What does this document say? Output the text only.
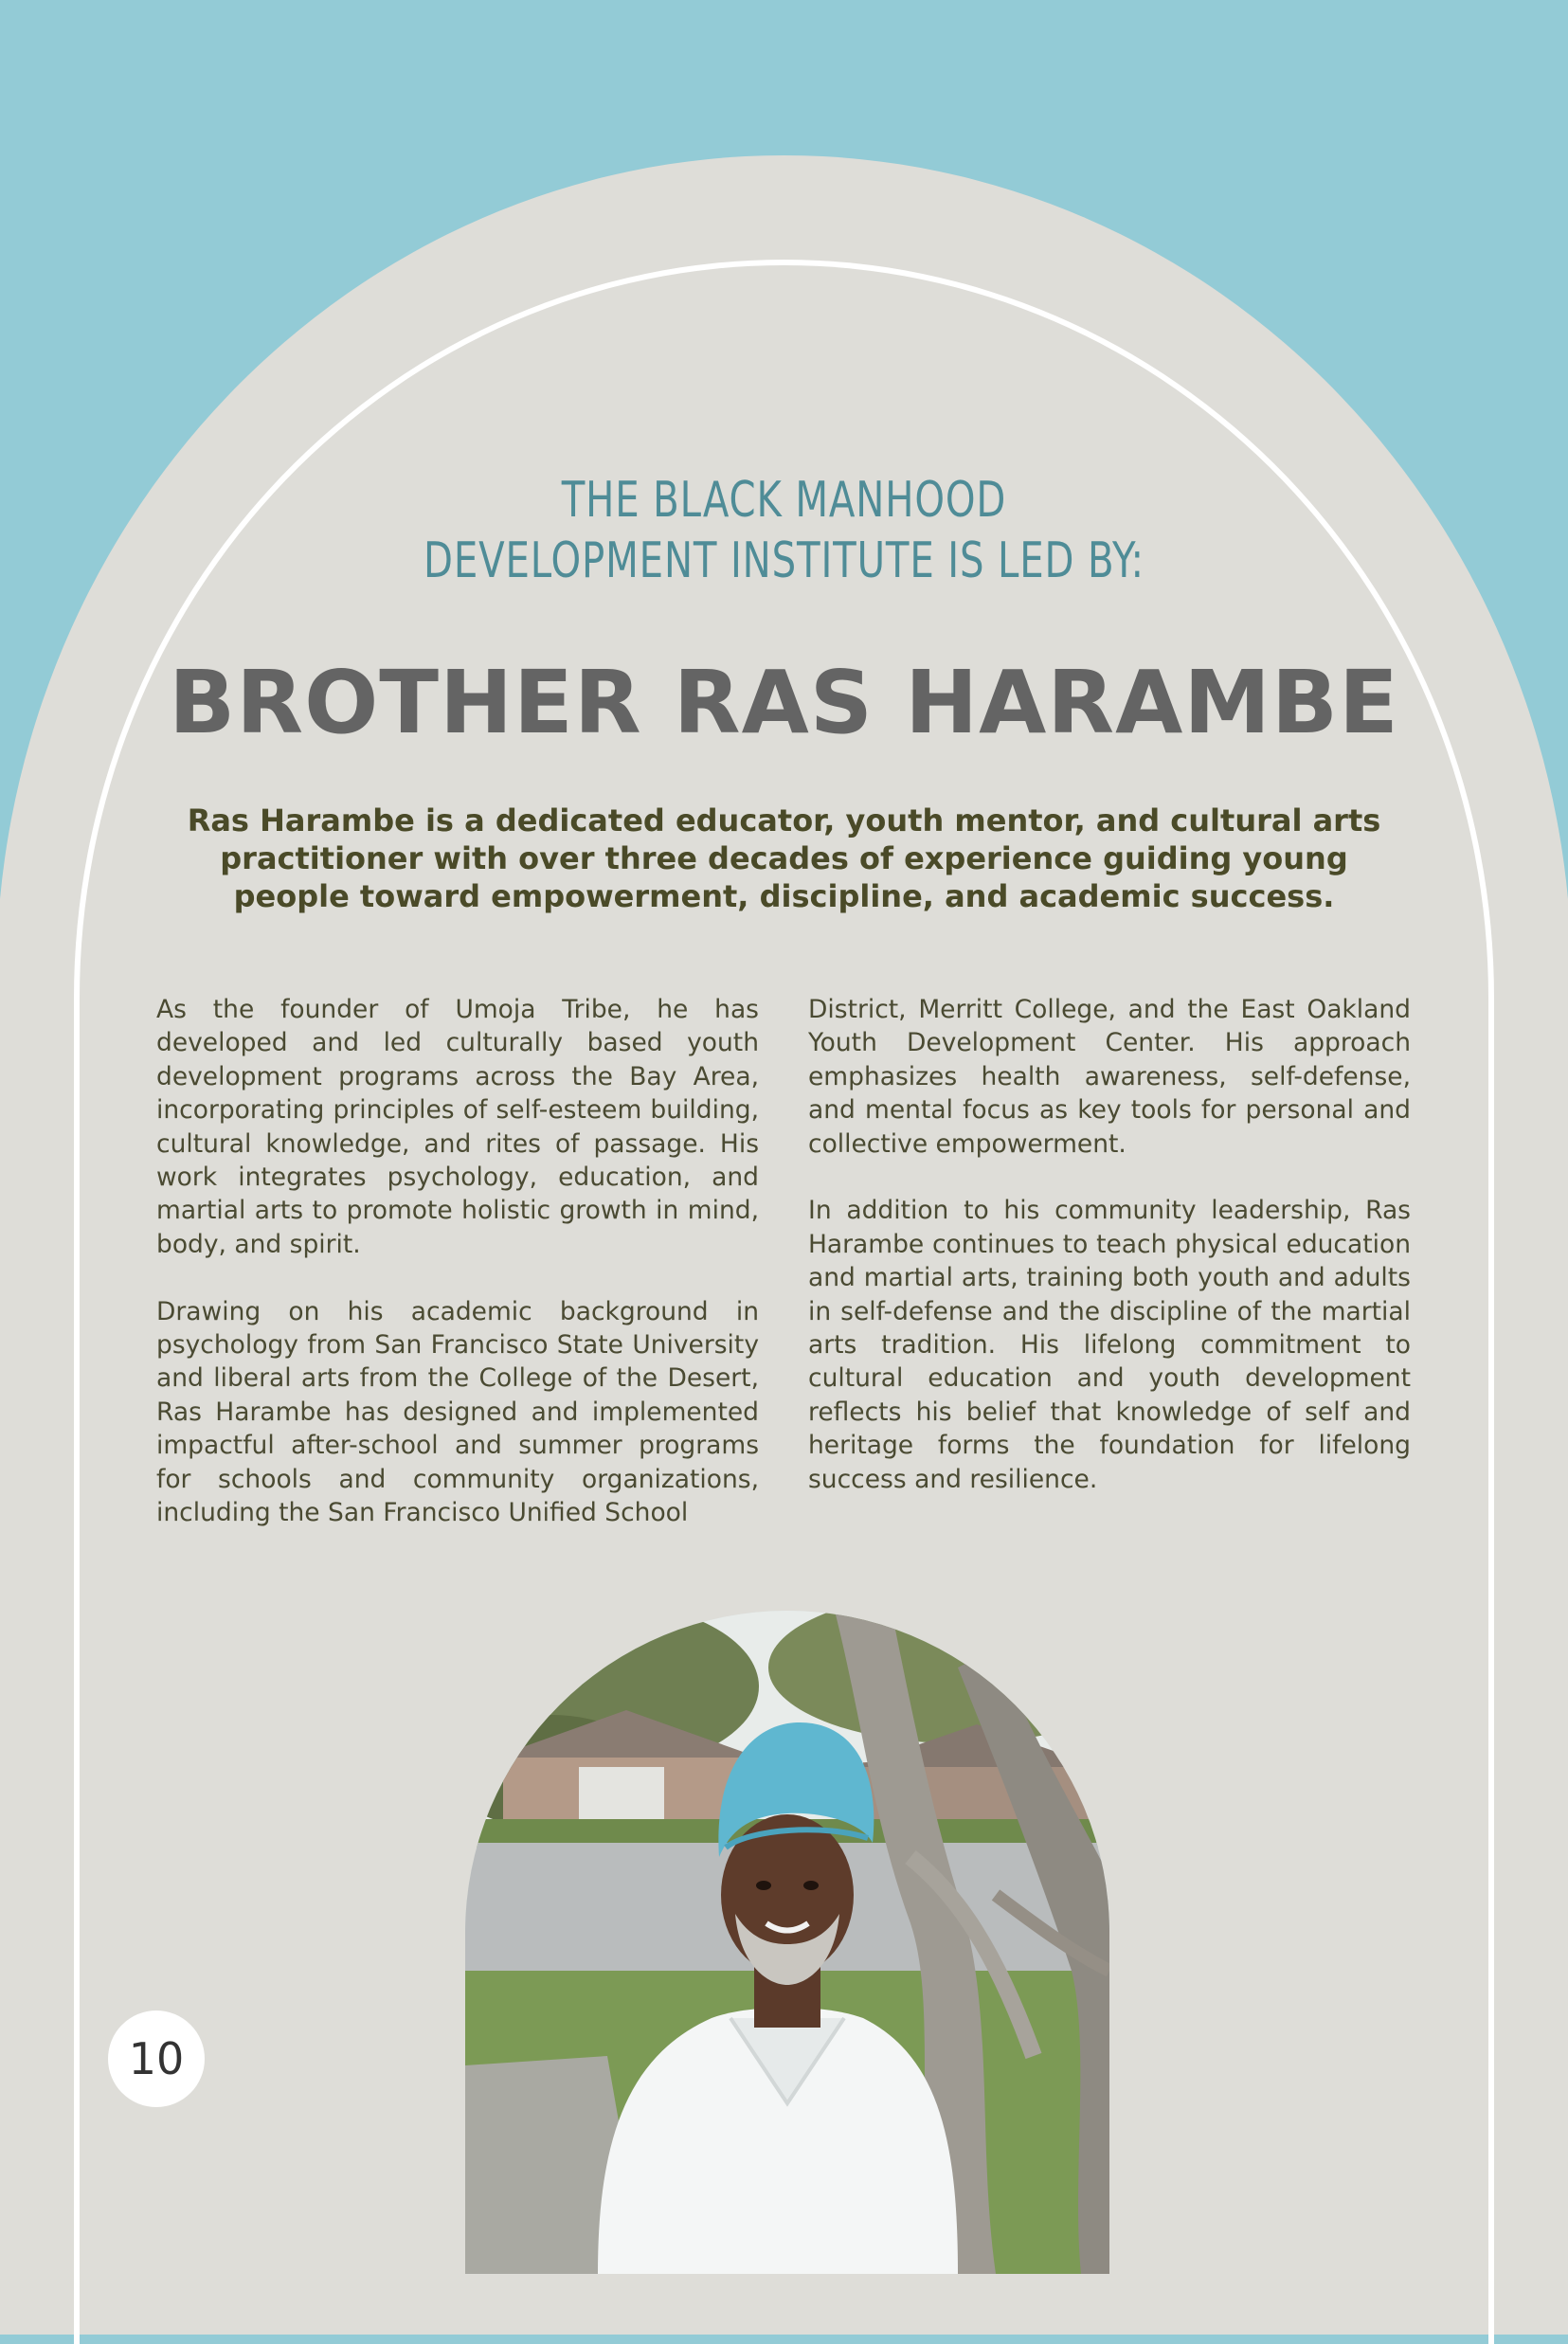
THE BLACK MANHOOD
DEVELOPMENT INSTITUTE IS LED BY:
BROTHER RAS HARAMBE

Ras Harambe is a dedicated educator, youth mentor, and cultural arts practitioner with over three decades of experience guiding young people toward empowerment, discipline, and academic success.

As the founder of Umoja Tribe, he has developed and led culturally based youth development programs across the Bay Area, incorporating principles of self-esteem building, cultural knowledge, and rites of passage. His work integrates psychology, education, and martial arts to promote holistic growth in mind, body, and spirit.

Drawing on his academic background in psychology from San Francisco State University and liberal arts from the College of the Desert, Ras Harambe has designed and implemented impactful after-school and summer programs for schools and community organizations, including the San Francisco Unified School

District, Merritt College, and the East Oakland Youth Development Center. His approach emphasizes health awareness, self-defense, and mental focus as key tools for personal and collective empowerment.

In addition to his community leadership, Ras Harambe continues to teach physical education and martial arts, training both youth and adults in self-defense and the discipline of the martial arts tradition. His lifelong commitment to cultural education and youth development reflects his belief that knowledge of self and heritage forms the foundation for lifelong success and resilience.

10
